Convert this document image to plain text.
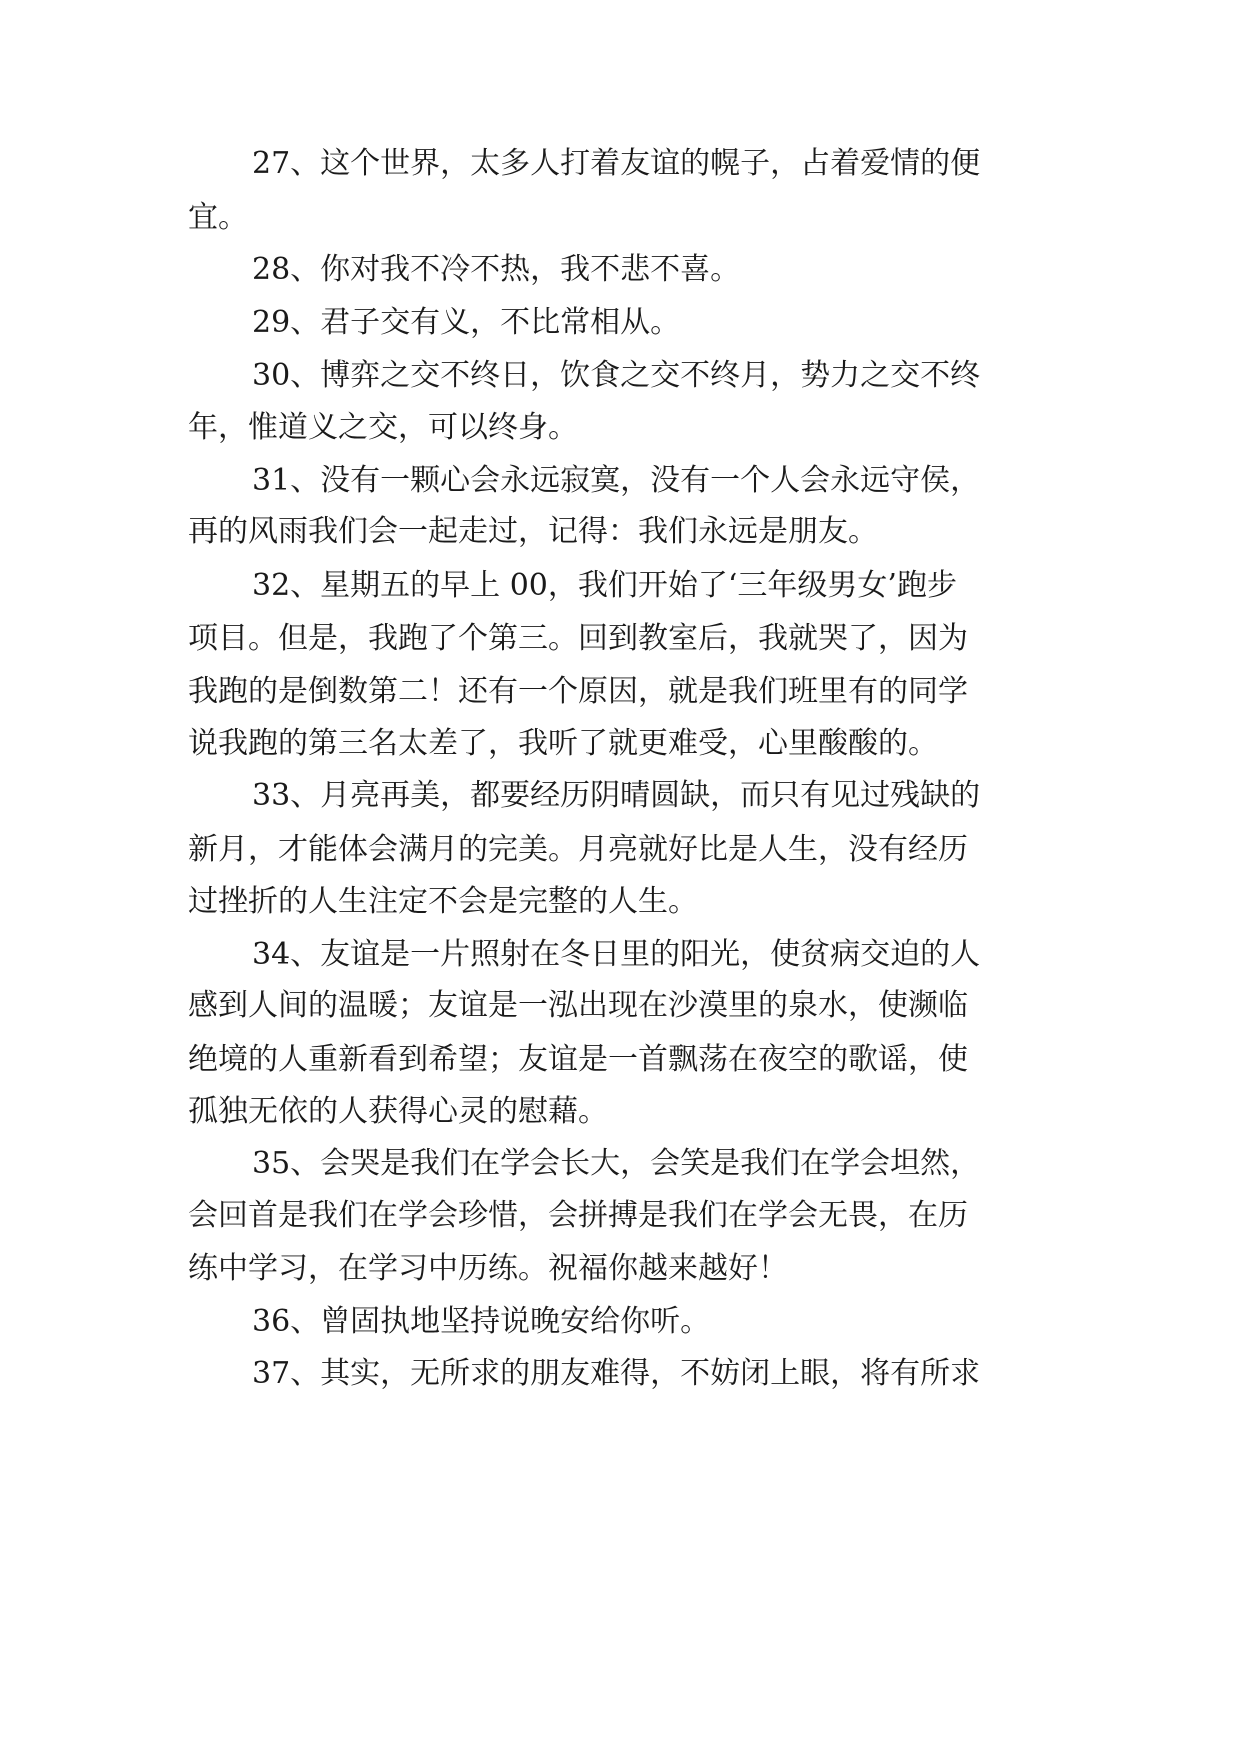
27、这个世界，太多人打着友谊的幌子，占着爱情的便
宜。
28、你对我不冷不热，我不悲不喜。
29、君子交有义，不比常相从。
30、博弈之交不终日，饮食之交不终月，势力之交不终
年，惟道义之交，可以终身。
31、没有一颗心会永远寂寞，没有一个人会永远守侯，
再的风雨我们会一起走过，记得：我们永远是朋友。
32、星期五的早上 00，我们开始了‘三年级男女’跑步
项目。但是，我跑了个第三。回到教室后，我就哭了，因为
我跑的是倒数第二！还有一个原因，就是我们班里有的同学
说我跑的第三名太差了，我听了就更难受，心里酸酸的。
33、月亮再美，都要经历阴晴圆缺，而只有见过残缺的
新月，才能体会满月的完美。月亮就好比是人生，没有经历
过挫折的人生注定不会是完整的人生。
34、友谊是一片照射在冬日里的阳光，使贫病交迫的人
感到人间的温暖；友谊是一泓出现在沙漠里的泉水，使濒临
绝境的人重新看到希望；友谊是一首飘荡在夜空的歌谣，使
孤独无依的人获得心灵的慰藉。
35、会哭是我们在学会长大，会笑是我们在学会坦然，
会回首是我们在学会珍惜，会拼搏是我们在学会无畏，在历
练中学习，在学习中历练。祝福你越来越好！
36、曾固执地坚持说晚安给你听。
37、其实，无所求的朋友难得，不妨闭上眼，将有所求
